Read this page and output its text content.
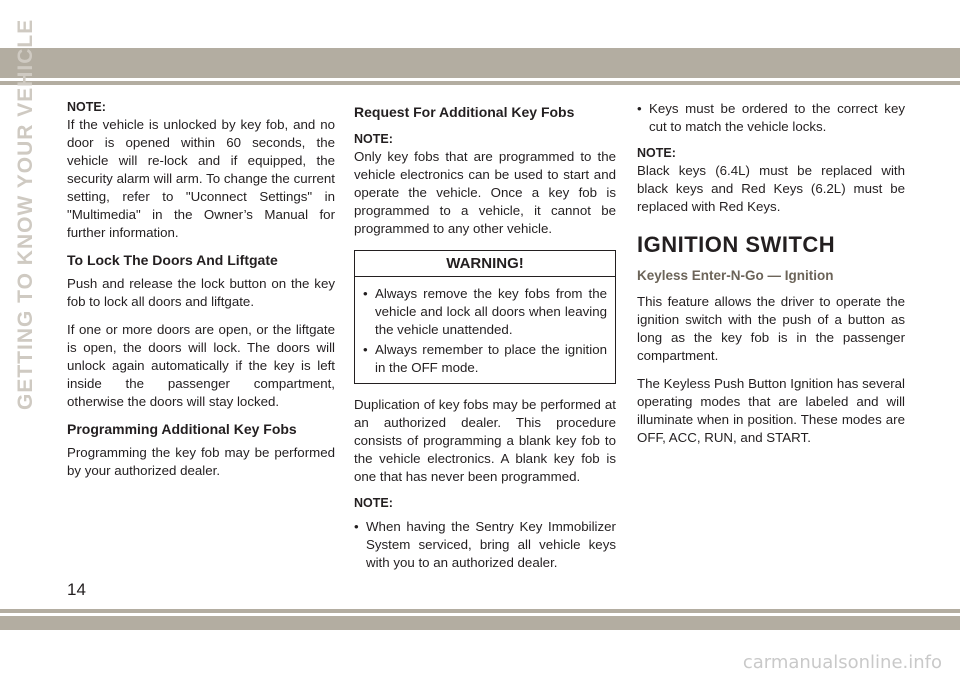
GETTING TO KNOW YOUR VEHICLE NOTE:

If the vehicle is unlocked by key fob, and no door is opened within 60 seconds, the vehicle will re-lock and if equipped, the security alarm will arm. To change the current setting, refer to "Uconnect Settings" in "Multimedia" in the Owner’s Manual for further information.

To Lock The Doors And Liftgate

Push and release the lock button on the key fob to lock all doors and liftgate.

If one or more doors are open, or the liftgate is open, the doors will lock. The doors will unlock again automatically if the key is left inside the passenger compartment, otherwise the doors will stay locked.

Programming Additional Key Fobs

Programming the key fob may be performed by your authorized dealer.

Request For Additional Key Fobs
NOTE:

Only key fobs that are programmed to the vehicle electronics can be used to start and operate the vehicle. Once a key fob is programmed to a vehicle, it cannot be programmed to any other vehicle.

WARNING!
• Always remove the key fobs from the vehicle and lock all doors when leaving the vehicle unattended.
• Always remember to place the ignition in the OFF mode.

Duplication of key fobs may be performed at an authorized dealer. This procedure consists of programming a blank key fob to the vehicle electronics. A blank key fob is one that has never been programmed.

NOTE:
• When having the Sentry Key Immobilizer System serviced, bring all vehicle keys with you to an authorized dealer.
• Keys must be ordered to the correct key cut to match the vehicle locks.
NOTE:

Black keys (6.4L) must be replaced with black keys and Red Keys (6.2L) must be replaced with Red Keys.

IGNITION SWITCH
Keyless Enter-N-Go — Ignition

This feature allows the driver to operate the ignition switch with the push of a button as long as the key fob is in the passenger compartment.

The Keyless Push Button Ignition has several operating modes that are labeled and will illuminate when in position. These modes are OFF, ACC, RUN, and START.

14
carmanualsonline.info
